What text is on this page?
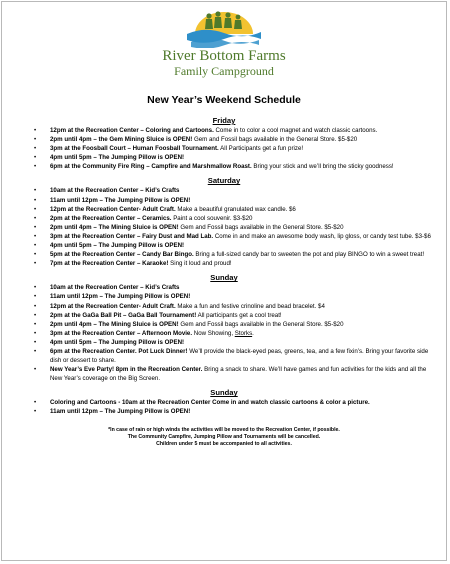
River Bottom Farms
Family Campground
New Year’s Weekend Schedule
Friday
• 12pm at the Recreation Center – Coloring and Cartoons. Come in to color a cool magnet and watch classic cartoons.
• 2pm until 4pm – the Gem Mining Sluice is OPEN! Gem and Fossil bags available in the General Store. $5-$20
• 3pm at the Foosball Court – Human Foosball Tournament. All Participants get a fun prize!
• 4pm until 5pm – The Jumping Pillow is OPEN!
• 6pm at the Community Fire Ring – Campfire and Marshmallow Roast. Bring your stick and we’ll bring the sticky goodness!
Saturday
• 10am at the Recreation Center – Kid’s Crafts
• 11am until 12pm – The Jumping Pillow is OPEN!
• 12pm at the Recreation Center- Adult Craft. Make a beautiful granulated wax candle. $6
• 2pm at the Recreation Center – Ceramics. Paint a cool souvenir. $3-$20
• 2pm until 4pm – The Mining Sluice is OPEN! Gem and Fossil bags available in the General Store. $5-$20
• 3pm at the Recreation Center – Fairy Dust and Mad Lab. Come in and make an awesome body wash, lip gloss, or candy test tube. $3-$6
• 4pm until 5pm – The Jumping Pillow is OPEN!
• 5pm at the Recreation Center – Candy Bar Bingo. Bring a full-sized candy bar to sweeten the pot and play BINGO to win a sweet treat!
• 7pm at the Recreation Center – Karaoke! Sing it loud and proud!
Sunday
• 10am at the Recreation Center – Kid’s Crafts
• 11am until 12pm – The Jumping Pillow is OPEN!
• 12pm at the Recreation Center- Adult Craft. Make a fun and festive crinoline and bead bracelet. $4
• 2pm at the GaGa Ball Pit – GaGa Ball Tournament! All participants get a cool treat!
• 2pm until 4pm – The Mining Sluice is OPEN! Gem and Fossil bags available in the General Store. $5-$20
• 3pm at the Recreation Center – Afternoon Movie. Now Showing, Storks.
• 4pm until 5pm – The Jumping Pillow is OPEN!
• 6pm at the Recreation Center. Pot Luck Dinner! We’ll provide the black-eyed peas, greens, tea, and a few fixin’s. Bring your favorite side dish or dessert to share.
• New Year’s Eve Party! 8pm in the Recreation Center. Bring a snack to share. We’ll have games and fun activities for the kids and all the New Year’s coverage on the Big Screen.
Sunday
• Coloring and Cartoons - 10am at the Recreation Center Come in and watch classic cartoons & color a picture.
• 11am until 12pm – The Jumping Pillow is OPEN!
*In case of rain or high winds the activities will be moved to the Recreation Center, if possible.
The Community Campfire, Jumping Pillow and Tournaments will be cancelled.
Children under 5 must be accompanied to all activities.
